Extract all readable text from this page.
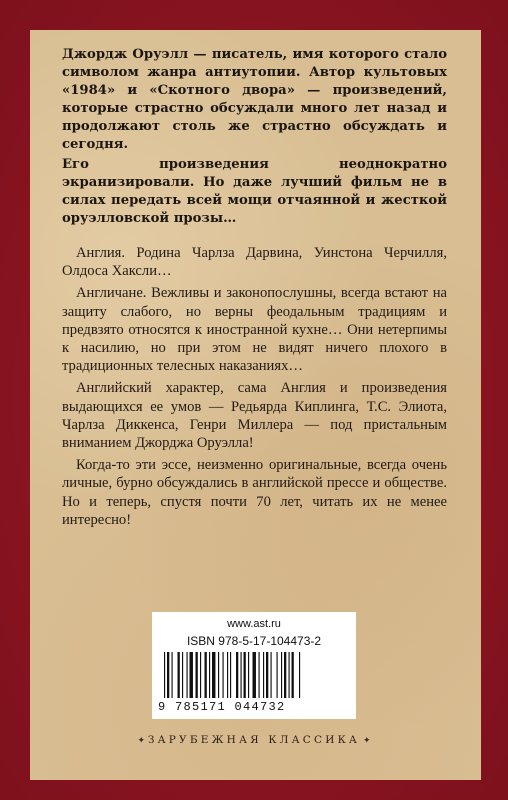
Джордж Оруэлл — писатель, имя которого стало символом жанра антиутопии. Автор культовых «1984» и «Скотного двора» — произведений, которые страстно обсуждали много лет назад и продолжают столь же страстно обсуждать и сегодня.

Его произведения неоднократно экранизировали. Но даже лучший фильм не в силах передать всей мощи отчаянной и жесткой оруэлловской прозы…

Англия. Родина Чарлза Дарвина, Уинстона Черчилля, Олдоса Хаксли…

Англичане. Вежливы и законопослушны, всегда встают на защиту слабого, но верны феодальным традициям и предвзято относятся к иностранной кухне… Они нетерпимы к насилию, но при этом не видят ничего плохого в традиционных телесных наказаниях…

Английский характер, сама Англия и произведения выдающихся ее умов — Редьярда Киплинга, Т.С. Элиота, Чарлза Диккенса, Генри Миллера — под пристальным вниманием Джорджа Оруэлла!

Когда-то эти эссе, неизменно оригинальные, всегда очень личные, бурно обсуждались в английской прессе и обществе. Но и теперь, спустя почти 70 лет, читать их не менее интересно!

www.ast.ru
ISBN 978-5-17-104473-2
9 785171 044732
✦ ЗАРУБЕЖНАЯ КЛАССИКА ✦
